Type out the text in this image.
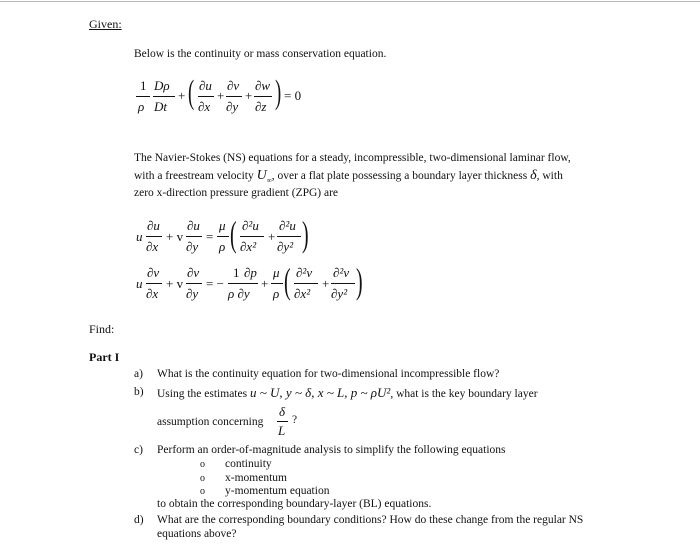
Given:
Below is the continuity or mass conservation equation.
1
ρ
Dρ
Dt
+ ( ∂u
∂x
+
∂v
∂y
+
∂w
∂z ) = 0
The Navier-Stokes (NS) equations for a steady, incompressible, two-dimensional laminar flow,
with a freestream velocity $U_\infty$, over a flat plate possessing a boundary layer thickness δ, with
zero x-direction pressure gradient (ZPG) are
u
∂u
∂x
+ v
∂u
∂y
=
μ
ρ ( ∂²u
∂x²
+
∂²u
∂y² )
u
∂v
∂x
+ v
∂v
∂y
= −
1
ρ ∂y
∂p
+
μ
ρ ( ∂²v
∂x²
+
∂²v
∂y² )
Find:
Part I
a) What is the continuity equation for two-dimensional incompressible flow?
b) Using the estimates u ~ U, y ~ δ, x ~ L, p ~ ρU², what is the key boundary layer
assumption concerning
δ
L
?
c) Perform an order-of-magnitude analysis to simplify the following equations
o continuity
o x-momentum
o y-momentum equation
to obtain the corresponding boundary-layer (BL) equations.
d) What are the corresponding boundary conditions? How do these change from the regular NS
equations above?
